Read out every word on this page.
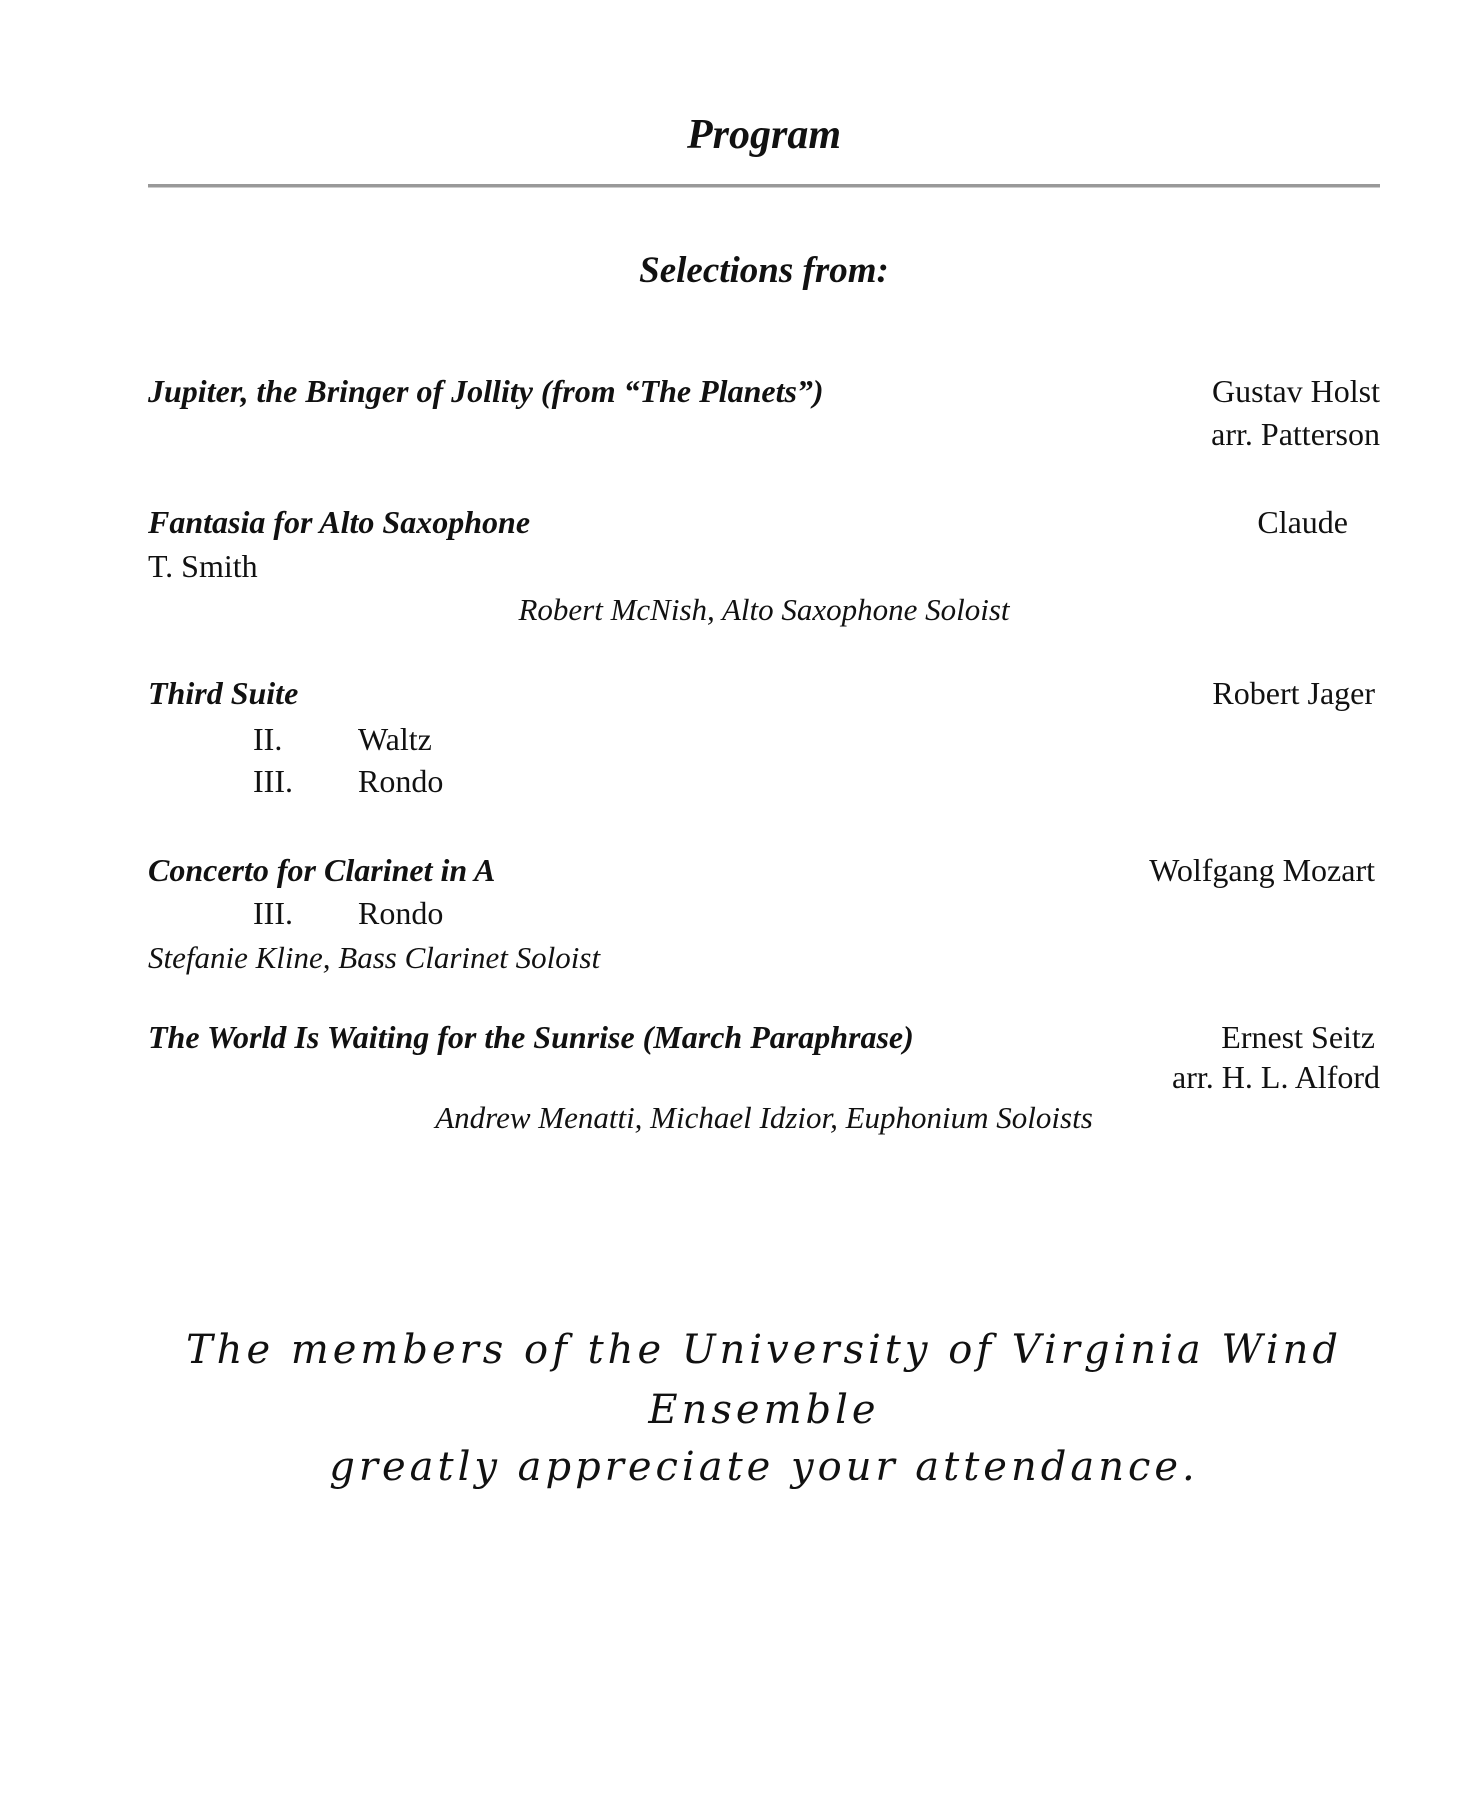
Program
Selections from:
Jupiter, the Bringer of Jollity (from “The Planets”)	Gustav Holst
arr. Patterson
Fantasia for Alto Saxophone	Claude
T. Smith
Robert McNish, Alto Saxophone Soloist
Third Suite	Robert Jager
II. Waltz
III. Rondo
Concerto for Clarinet in A	Wolfgang Mozart
III. Rondo
Stefanie Kline, Bass Clarinet Soloist
The World Is Waiting for the Sunrise (March Paraphrase)	Ernest Seitz
arr. H. L. Alford
Andrew Menatti, Michael Idzior, Euphonium Soloists
The members of the University of Virginia Wind
Ensemble
greatly appreciate your attendance.
